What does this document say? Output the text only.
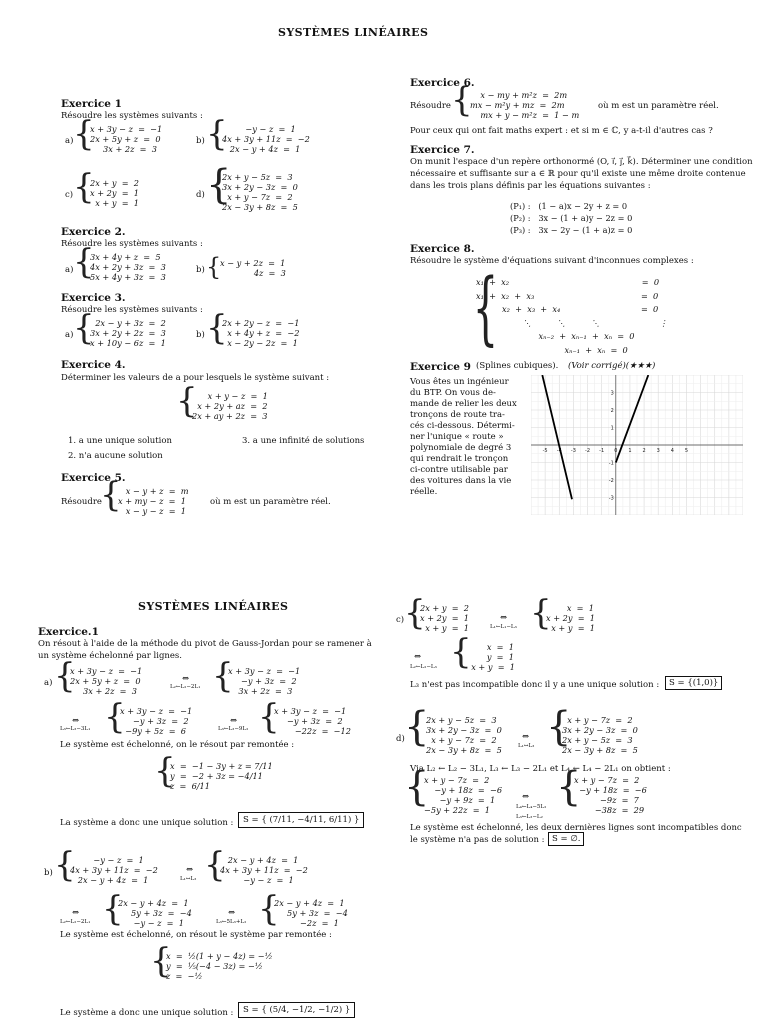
SYSTÈMES LINÉAIRES
Exercice 1
Résoudre les systèmes suivants :
a) {
x + 3y − z  =  −1
2x + 5y + z  =  0
3x + 2z  =  3
b) {	−y − z  =  1
4x + 3y + 11z  =  −2
2x − y + 4z  =  1
c) {
2x + y  =  2
x + 2y  =  1
x + y  =  1
d) {
2x + y − 5z  =  3
3x + 2y − 3z  =  0
x + y − 7z  =  2
2x − 3y + 8z  =  5
Exercice 2.
Résoudre les systèmes suivants :
a) {
3x + 4y + z  =  5
4x + 2y + 3z  =  3
5x + 4y + 3z  =  3
b) {
x − y + 2z  =  1
4z  =  3
Exercice 3.
Résoudre les systèmes suivants :
a) { 2x − y + 3z  =  2
3x + 2y + 2z  =  3
x + 10y − 6z  =  1
b) {
2x + 2y − z  =  −1
x + 4y + z  =  −2
x − 2y − 2z  =  1
Exercice 4.
Déterminer les valeurs de a pour lesquels le système suivant :
{	x + y − z  =  1
x + 2y + az  =  2
2x + ay + 2z  =  3
1. a une unique solution
2. n'a aucune solution
3. a une infinité de solutions
Exercice 5.
Résoudre
{ x − y + z  =  m
x + my − z  =  1
x − y − z  =  1
où m est un paramètre réel.
Exercice 6.
Résoudre { x − my + m²z  =  2m
mx − m²y + mz  =  2m
mx + y − m²z  =  1 − m
où m est un paramètre réel.
Pour ceux qui ont fait maths expert : et si m ∈ ℂ, y a-t-il d'autres cas ?
Exercice 7.
On munit l'espace d'un repère orthonormé (O, i⃗, j⃗, k⃗). Déterminer une condition
nécessaire et suffisante sur a ∈ ℝ pour qu'il existe une même droite contenue
dans les trois plans définis par les équations suivantes :
(P₁) :   (1 − a)x − 2y + z = 0
(P₂) :   3x − (1 + a)y − 2z = 0
(P₃) :   3x − 2y − (1 + a)z = 0
Exercice 8.
Résoudre le système d'équations suivant d'inconnues complexes :
{
x₁  +  x₂                                                   =  0
x₁  +  x₂  +  x₃                                         =  0
x₂  +  x₃  +  x₄                               =  0
⋱          ⋱          ⋱                       ⋮
xₙ₋₂  +  xₙ₋₁  +  xₙ  =  0
xₙ₋₁  +  xₙ  =  0
Exercice 9 (Splines cubiques). (Voir corrigé)(★★★)
Vous êtes un ingénieur
du BTP. On vous de-
mande de relier les deux
tronçons de route tra-
cés ci-dessous. Détermi-
ner l'unique « route »
polynomiale de degré 3
qui rendrait le tronçon
ci-contre utilisable par
des voitures dans la vie
réelle.
-5 -4 -3 -2 -1 0 1 2 3 4 5
-3
-2
-1
1
2
3
SYSTÈMES LINÉAIRES
Exercice.1
On résout à l'aide de la méthode du pivot de Gauss-Jordan pour se ramener à
un système échelonné par lignes.
a) {
x + 3y − z  =  −1
2x + 5y + z  =  0
3x + 2z  =  3	L₂←L₂−2L₁
⇔ {
x + 3y − z  =  −1
−y + 3z  =  2
3x + 2z  =  3
L₃←L₃−3L₁
⇔ {
x + 3y − z  =  −1
−y + 3z  =  2
−9y + 5z  =  6	L₃←L₃−9L₂
⇔ {
x + 3y − z  =  −1
−y + 3z  =  2
−22z  =  −12
Le système est échelonné, on le résout par remontée :
{
x  =  −1 − 3y + z = 7/11
y  =  −2 + 3z = −4/11
z  =  6/11
La système a donc une unique solution :	S = { (7/11, −4/11, 6/11) }
b) {	−y − z  =  1
4x + 3y + 11z  =  −2
2x − y + 4z  =  1	L₁↔L₃
⇔ { 2x − y + 4z  =  1
4x + 3y + 11z  =  −2
−y − z  =  1
L₂←L₂−2L₁
⇔ {
2x − y + 4z  =  1
5y + 3z  =  −4
−y − z  =  1	L₃←5L₃+L₂
⇔ {
2x − y + 4z  =  1
5y + 3z  =  −4
−2z  =  1
Le système est échelonné, on résout le système par remontée :
{
x  =  ½(1 + y − 4z) = −½
y  =  ⅕(−4 − 3z) = −½
z  =  −½
Le système a donc une unique solution :	S = { (5/4, −1/2, −1/2) }
c) {
2x + y  =  2
x + 2y  =  1
x + y  =  1	L₁←L₁−L₃
⇔ {	x  =  1
x + 2y  =  1
x + y  =  1
L₂←L₂−L₃
⇔ {	x  =  1
y  =  1
x + y  =  1
L₃ n'est pas incompatible donc il y a une unique solution :	S = {(1,0)}
d) {
2x + y − 5z  =  3
3x + 2y − 3z  =  0
x + y − 7z  =  2
2x − 3y + 8z  =  5	L₁↔L₃
⇔ {
x + y − 7z  =  2
3x + 2y − 3z  =  0
2x + y − 5z  =  3
2x − 3y + 8z  =  5
Via L₂ ← L₂ − 3L₁, L₃ ← L₃ − 2L₁ et L₄ ← L₄ − 2L₁ on obtient :
{
x + y − 7z  =  2
−y + 18z  =  −6
−y + 9z  =  1
−5y + 22z  =  1	L₄←L₄−5L₂
L₃←L₃−L₂
⇔ {
x + y − 7z  =  2
−y + 18z  =  −6
−9z  =  7
−38z  =  29
Le système est échelonné, les deux dernières lignes sont incompatibles donc
le système n'a pas de solution : S = ∅.
